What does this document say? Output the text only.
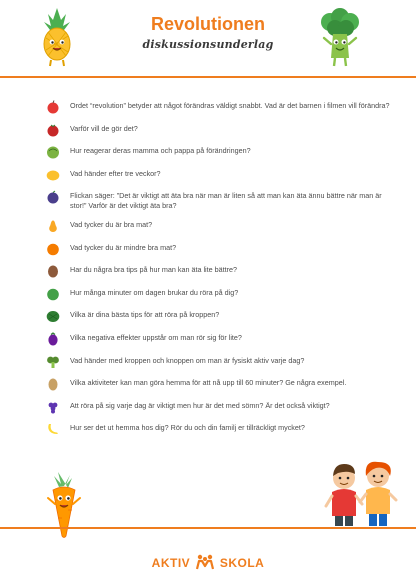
Revolutionen
diskussionsunderlag
Ordet “revolution” betyder att något förändras väldigt snabbt. Vad är det barnen i filmen vill förändra?
Varför vill de gör det?
Hur reagerar deras mamma och pappa på förändringen?
Vad händer efter tre veckor?
Flickan säger: ”Det är viktigt att äta bra när man är liten så att man kan äta ännu bättre när man är stor!” Varför är det viktigt äta bra?
Vad tycker du är bra mat?
Vad tycker du är mindre bra mat?
Har du några bra tips på hur man kan äta lite bättre?
Hur många minuter om dagen brukar du röra på dig?
Vilka är dina bästa tips för att röra på kroppen?
Vilka negativa effekter uppstår om man rör sig för lite?
Vad händer med kroppen och knoppen om man är fysiskt aktiv varje dag?
Vilka aktiviteter kan man göra hemma för att nå upp till 60 minuter? Ge några exempel.
Att röra på sig varje dag är viktigt men hur är det med sömn? Är det också viktigt?
Hur ser det ut hemma hos dig? Rör du och din familj er tillräckligt mycket?
AKTIV SKOLA
